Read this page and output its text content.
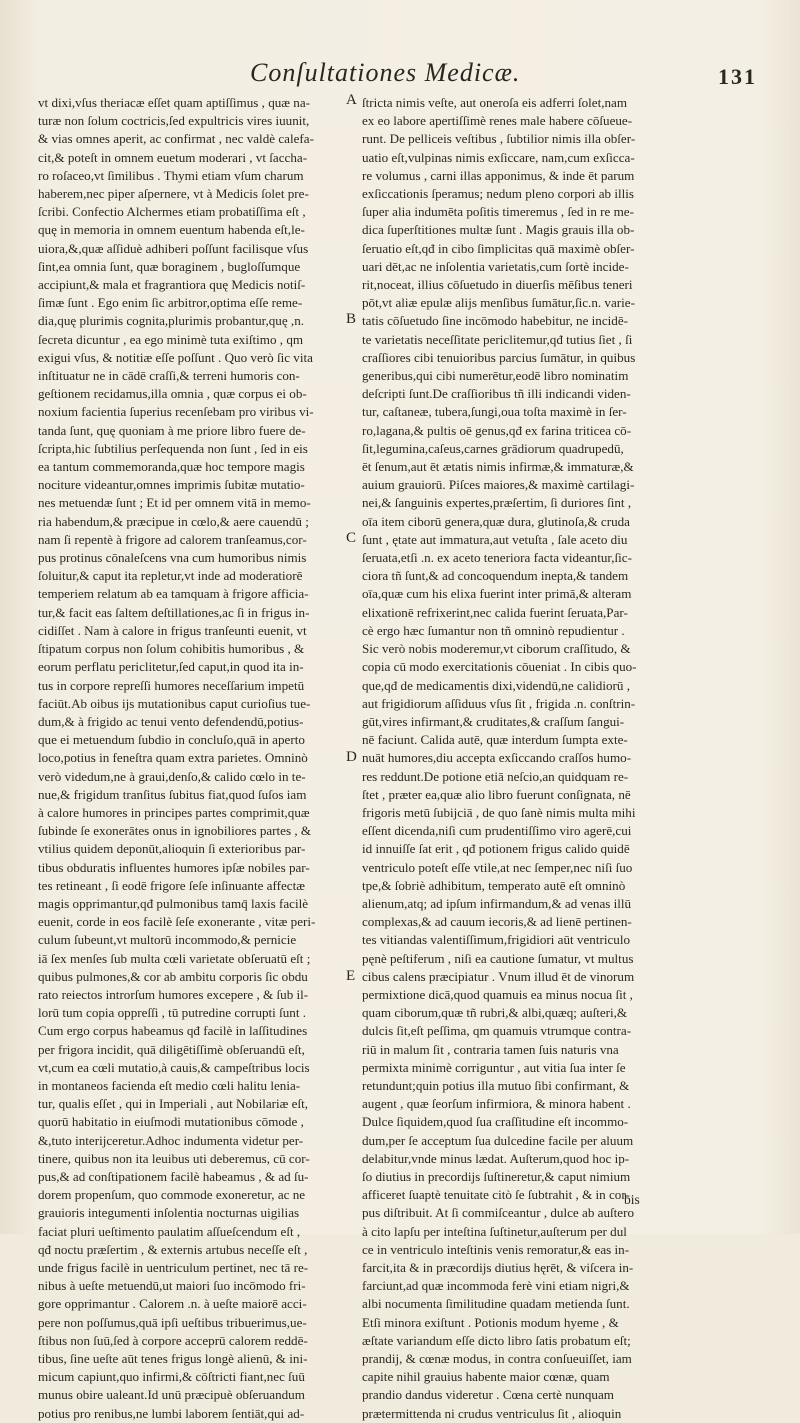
Conſultationes Medicæ.	131
vt dixi,vſus theriacæ eſſet quam aptiſſimus , quæ na-
turæ non ſolum coctricis,ſed expultricis vires iuunit,
& vias omnes aperit, ac confirmat , nec valdè calefa-
cit,& poteſt in omnem euetum moderari , vt ſaccha-
ro roſaceo,vt ſimilibus . Thymi etiam vſum charum
haberem,nec piper aſpernere, vt à Medicis ſolet pre-
ſcribi. Confectio Alchermes etiam probatiſſima eſt ,
quę in memoria in omnem euentum habenda eſt,le-
uiora,&,quæ aſſiduè adhiberi poſſunt facilisque vſus
ſint,ea omnia ſunt, quæ boraginem , bugloſſumque
accipiunt,& mala et fragrantiora quę Medicis notiſ-
ſimæ ſunt . Ego enim ſic arbitror,optima eſſe reme-
dia,quę plurimis cognita,plurimis probantur,quę ,n.
ſecreta dicuntur , ea ego minimè tuta exiſtimo , qm
exigui vſus, & notitiæ eſſe poſſunt . Quo verò ſic vita
inſtituatur ne in cādē craſſi,& terreni humoris con-
geſtionem recidamus,illa omnia , quæ corpus ei ob-
noxium facientia ſuperius recenſebam pro viribus vi-
tanda ſunt, quę quoniam à me priore libro fuere de-
ſcripta,hic ſubtilius perſequenda non ſunt , ſed in eis
ea tantum commemoranda,quæ hoc tempore magis
nociture videantur,omnes imprimis ſubitæ mutatio-
nes metuendæ ſunt ; Et id per omnem vitā in memo-
ria habendum,& præcipue in cœlo,& aere cauendū ;
nam ſi repentè à frigore ad calorem tranſeamus,cor-
pus protinus cōnaleſcens vna cum humoribus nimis
ſoluitur,& caput ita repletur,vt inde ad moderatiorē
temperiem relatum ab ea tamquam à frigore afficia-
tur,& facit eas ſaltem deſtillationes,ac ſi in frigus in-
cidiſſet . Nam à calore in frigus tranſeunti euenit, vt
ſtipatum corpus non ſolum cohibitis humoribus , &
eorum perflatu periclitetur,ſed caput,in quod ita in-
tus in corpore repreſſi humores neceſſarium impetū
faciūt.Ab oibus ijs mutationibus caput curioſius tue-
dum,& à frigido ac tenui vento defendendū,potius-
que ei metuendum ſubdio in concluſo,quā in aperto
loco,potius in feneſtra quam extra parietes. Omninò
verò videdum,ne à graui,denſo,& calido cœlo in te-
nue,& frigidum tranſitus ſubitus fiat,quod ſuſos iam
à calore humores in principes partes comprimit,quæ
ſubinde ſe exonerātes onus in ignobiliores partes , &
vtilius quidem deponūt,alioquin ſi exterioribus par-
tibus obduratis influentes humores ipſæ nobiles par-
tes retineant , ſi eodē frigore ſeſe inſinuante affectæ
magis opprimantur,qđ pulmonibus tamq̄ laxis facilè
euenit, corde in eos facilè ſeſe exonerante , vitæ peri-
culum ſubeunt,vt multorū incommodo,& pernicie
iā ſex menſes ſub multa cœli varietate obſeruatū eſt ;
quibus pulmones,& cor ab ambitu corporis ſic obdu
rato reiectos introrſum humores excepere , & ſub il-
lorū tum copia oppreſſi , tū putredine corrupti ſunt .
Cum ergo corpus habeamus qđ facilè in laſſitudines
per frigora incidit, quā diligētiſſimè obſeruandū eſt,
vt,cum ea cœli mutatio,à cauis,& campeſtribus locis
in montaneos facienda eſt medio cœli halitu lenia-
tur, qualis eſſet , qui in Imperiali , aut Nobilariæ eſt,
quorū habitatio in eiuſmodi mutationibus cōmode ,
&,tuto interijceretur.Adhoc indumenta videtur per-
tinere, quibus non ita leuibus uti deberemus, cū cor-
pus,& ad conſtipationem facilè habeamus , & ad ſu-
dorem propenſum, quo commode exoneretur, ac ne
grauioris integumenti inſolentia nocturnas uigilias
faciat pluri ueſtimento paulatim aſſueſcendum eſt ,
qđ noctu præſertim , & externis artubus neceſſe eſt ,
unde frigus facilè in uentriculum pertinet, nec tā re-
nibus à ueſte metuendū,ut maiori ſuo incōmodo fri-
gore opprimantur . Calorem .n. à ueſte maiorē acci-
pere non poſſumus,quā ipſi ueſtibus tribuerimus,ue-
ſtibus non ſuū,ſed à corpore acceprū calorem reddē-
tibus, ſine ueſte aūt tenes frigus longè alienū, & ini-
micum capiunt,quo infirmi,& cōſtricti fiant,nec ſuū
munus obire ualeant.Id unū præcipuè obſeruandum
potius pro renibus,ne lumbi laborem ſentiāt,qui ad-
ſtricta nimis veſte, aut oneroſa eis adferri ſolet,nam
ex eo labore apertiſſimè renes male habere cōſueue-
runt. De pelliceis veſtibus , ſubtilior nimis illa obſer-
uatio eſt,vulpinas nimis exſiccare, nam,cum exſicca-
re volumus , carni illas apponimus, & inde ēt parum
exſiccationis ſperamus; nedum pleno corpori ab illis
ſuper alia indumēta poſitis timeremus , ſed in re me-
dica ſuperſtitiones multæ ſunt . Magis grauis illa ob-
ſeruatio eſt,qđ in cibo ſimplicitas quā maximè obſer-
uari dēt,ac ne inſolentia varietatis,cum ſortè incide-
rit,noceat, illius cōſuetudo in diuerſis mēſibus teneri
pōt,vt aliæ epulæ alijs menſibus ſumātur,ſic.n. varie-
tatis cōſuetudo ſine incōmodo habebitur, ne incidē-
te varietatis neceſſitate periclitemur,qđ tutius ſiet , ſi
craſſiores cibi tenuioribus parcius ſumātur, in quibus
generibus,qui cibi numerētur,eodē libro nominatim
deſcripti ſunt.De craſſioribus tñ illi indicandi viden-
tur, caſtaneæ, tubera,ſungi,oua toſta maximè in ſer-
ro,lagana,& pultis oē genus,qđ ex farina triticea cō-
ſit,legumina,caſeus,carnes grādiorum quadrupedū,
ēt ſenum,aut ēt ætatis nimis infirmæ,& immaturæ,&
auium grauiorū. Piſces maiores,& maximè cartilagi-
nei,& ſanguinis expertes,præſertim, ſi duriores ſint ,
oīa item ciborū genera,quæ dura, glutinoſa,& cruda
ſunt , ętate aut immatura,aut vetuſta , ſale aceto diu
ſeruata,etſi .n. ex aceto teneriora facta videantur,ſic-
ciora tñ ſunt,& ad concoquendum inepta,& tandem
oīa,quæ cum his elixa fuerint inter primā,& alteram
elixationē refrixerint,nec calida fuerint ſeruata,Par-
cè ergo hæc ſumantur non tñ omninò repudientur .
Sic verò nobis moderemur,vt ciborum craſſitudo, &
copia cū modo exercitationis cōueniat . In cibis quo-
que,qđ de medicamentis dixi,videndū,ne calidiorū ,
aut frigidiorum aſſiduus vſus ſit , frigida .n. conſtrin-
gūt,vires infirmant,& cruditates,& craſſum ſangui-
nē faciunt. Calida autē, quæ interdum ſumpta exte-
nuāt humores,diu accepta exſiccando craſſos humo-
res reddunt.De potione etiā neſcio,an quidquam re-
ſtet , præter ea,quæ alio libro fuerunt conſignata, nē
frigoris metū ſubijciā , de quo ſanè nimis multa mihi
eſſent dicenda,niſi cum prudentiſſimo viro agerē,cui
id innuiſſe ſat erit , qđ potionem frigus calido quidē
ventriculo poteſt eſſe vtile,at nec ſemper,nec niſi ſuo
tpe,& ſobriè adhibitum, temperato autē eſt omninò
alienum,atq; ad ipſum infirmandum,& ad venas illū
complexas,& ad cauum iecoris,& ad lienē pertinen-
tes vitiandas valentiſſimum,frigidiori aūt ventriculo
pęnè peſtiferum , niſi ea cautione ſumatur, vt multus
cibus calens præcipiatur . Vnum illud ēt de vinorum
permixtione dicā,quod quamuis ea minus nocua ſit ,
quam ciborum,quæ tñ rubri,& albi,quæq; auſteri,&
dulcis ſit,eſt peſſima, qm quamuis vtrumque contra-
riū in malum ſit , contraria tamen ſuis naturis vna
permixta minimè corriguntur , aut vitia ſua inter ſe
retundunt;quin potius illa mutuo ſibi confirmant, &
augent , quæ ſeorſum infirmiora, & minora habent .
Dulce ſiquidem,quod ſua craſſitudine eſt incommo-
dum,per ſe acceptum ſua dulcedine facile per aluum
delabitur,vnde minus lædat. Auſterum,quod hoc ip-
ſo diutius in precordijs ſuſtineretur,& caput nimium
afficeret ſuaptè tenuitate citò ſe ſubtrahit , & in cor-
pus diſtribuit. At ſi commiſceantur , dulce ab auſtero
à cito lapſu per inteſtina ſuſtinetur,auſterum per dul
ce in ventriculo inteſtinis venis remoratur,& eas in-
farcit,ita & in præcordijs diutius hęrēt, & viſcera in-
farciunt,ad quæ incommoda ferè vini etiam nigri,&
albi nocumenta ſimilitudine quadam metienda ſunt.
Etſi minora exiſtunt . Potionis modum hyeme , &
æſtate variandum eſſe dicto libro ſatis probatum eſt;
prandij, & cœnæ modus, in contra conſueuiſſet, iam
capite nihil grauius habente maior cœnæ, quam
prandio dandus videretur . Cœna certè nunquam
prætermittenda ni crudus ventriculus ſit , alioquin
A
B
C
D
E
bis
